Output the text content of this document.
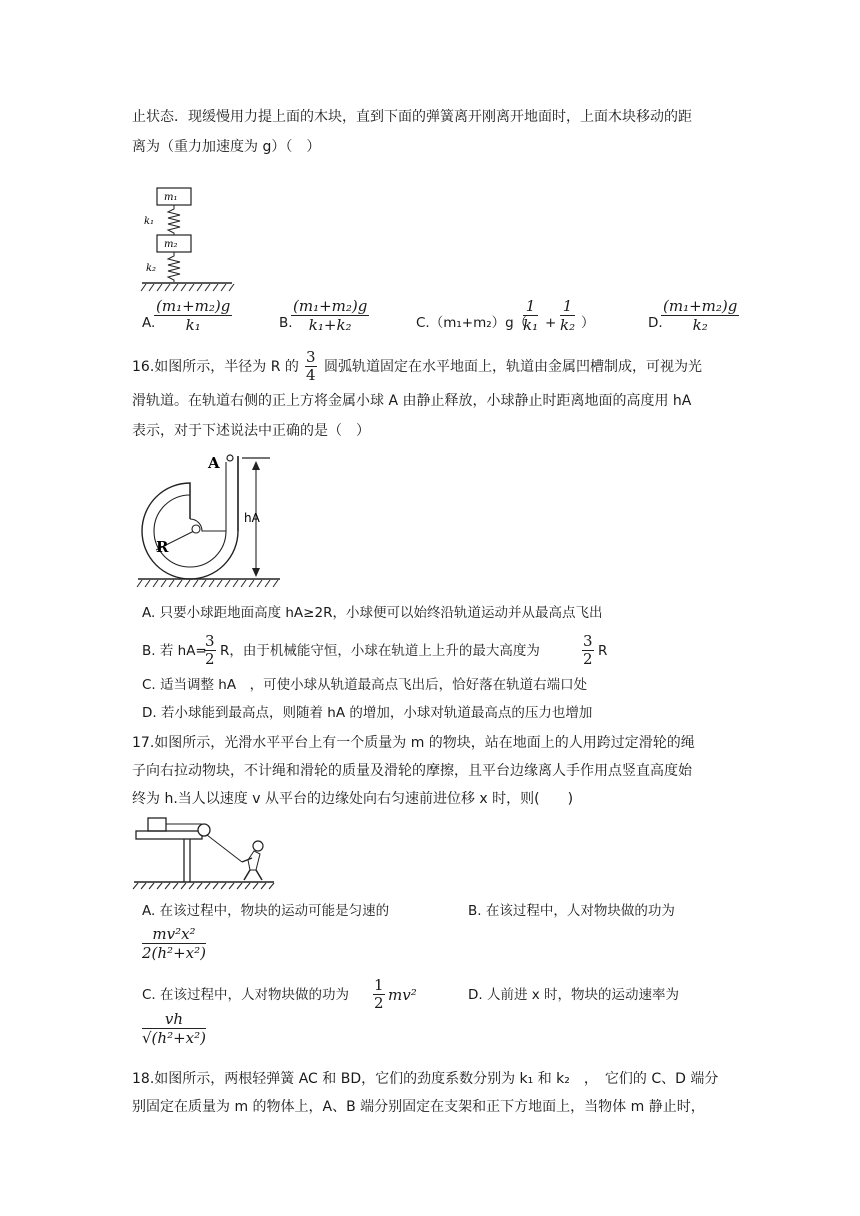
止状态．现缓慢用力提上面的木块，直到下面的弹簧离开刚离开地面时，上面木块移动的距
离为（重力加速度为 g）（　）
m₁
k₁
m₂
k₂
A.
$\frac{\text{(m₁+m₂)g}}{\text{k₁}}$	B.
$\frac{\text{(m₁+m₂)g}}{\text{k₁+k₂}}$	C.（m₁+m₂）g（
$\frac{1}{\text{k₁}} + \frac{1}{\text{k₂}}$ ）	D.
$\frac{\text{(m₁+m₂)g}}{\text{k₂}}$
16.如图所示，半径为 R 的 $\frac{3}{4}$ 圆弧轨道固定在水平地面上，轨道由金属凹槽制成，可视为光
滑轨道。在轨道右侧的正上方将金属小球 A 由静止释放，小球静止时距离地面的高度用 hA
表示，对于下述说法中正确的是（　）
A
R
hA
A. 只要小球距地面高度 hA≥2R，小球便可以始终沿轨道运动并从最高点飞出
B. 若 hA=
$\frac{3}{2}$ R，由于机械能守恒，小球在轨道上上升的最大高度为	$\frac{3}{2}$ R
C. 适当调整 hA　，可使小球从轨道最高点飞出后，恰好落在轨道右端口处
D. 若小球能到最高点，则随着 hA 的增加，小球对轨道最高点的压力也增加
17.如图所示，光滑水平平台上有一个质量为 m 的物块，站在地面上的人用跨过定滑轮的绳
子向右拉动物块，不计绳和滑轮的质量及滑轮的摩擦，且平台边缘离人手作用点竖直高度始
终为 h.当人以速度 v 从平台的边缘处向右匀速前进位移 x 时，则(　　)
A. 在该过程中，物块的运动可能是匀速的	B. 在该过程中，人对物块做的功为
$\frac{\text{mv²x²}}{\text{2(h²+x²)}}$
C. 在该过程中，人对物块做的功为 $\frac{1}{2} mv^2$	D. 人前进 x 时，物块的运动速率为
$\frac{vh}{\text{√(h²+x²)}}$
18.如图所示，两根轻弹簧 AC 和 BD，它们的劲度系数分别为 k₁ 和 k₂　，　它们的 C、D 端分
别固定在质量为 m 的物体上，A、B 端分别固定在支架和正下方地面上，当物体 m 静止时，
